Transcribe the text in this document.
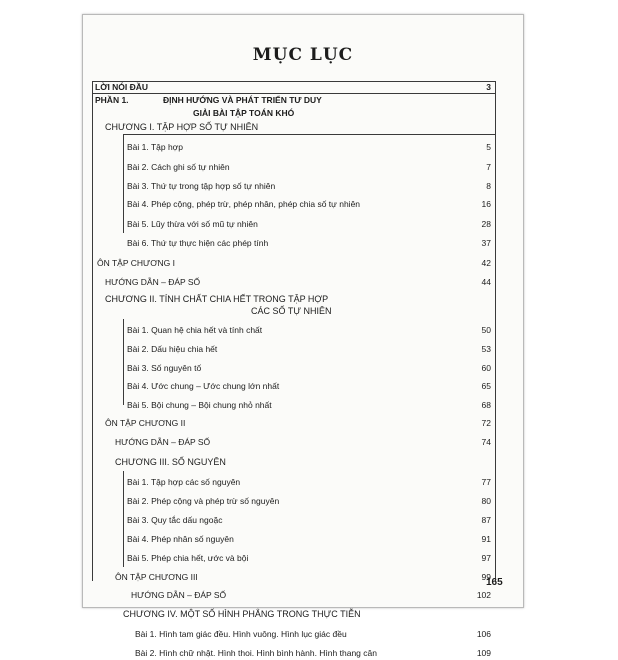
MỤC LỤC
LỜI NÓI ĐẦU	3
PHẦN 1.	ĐỊNH HƯỚNG VÀ PHÁT TRIỂN TƯ DUY
GIẢI BÀI TẬP TOÁN KHÓ
CHƯƠNG I. TẬP HỢP SỐ TỰ NHIÊN
Bài 1. Tập hợp	5
Bài 2. Cách ghi số tự nhiên	7
Bài 3. Thứ tự trong tập hợp số tự nhiên	8
Bài 4. Phép cộng, phép trừ, phép nhân, phép chia số tự nhiên	16
Bài 5. Lũy thừa với số mũ tự nhiên	28
Bài 6. Thứ tự thực hiện các phép tính	37
ÔN TẬP CHƯƠNG I	42
HƯỚNG DẪN – ĐÁP SỐ	44
CHƯƠNG II. TÍNH CHẤT CHIA HẾT TRONG TẬP HỢP
CÁC SỐ TỰ NHIÊN
Bài 1. Quan hệ chia hết và tính chất	50
Bài 2. Dấu hiệu chia hết	53
Bài 3. Số nguyên tố	60
Bài 4. Ước chung – Ước chung lớn nhất	65
Bài 5. Bội chung – Bội chung nhỏ nhất	68
ÔN TẬP CHƯƠNG II	72
HƯỚNG DẪN – ĐÁP SỐ	74
CHƯƠNG III. SỐ NGUYÊN
Bài 1. Tập hợp các số nguyên	77
Bài 2. Phép cộng và phép trừ số nguyên	80
Bài 3. Quy tắc dấu ngoặc	87
Bài 4. Phép nhân số nguyên	91
Bài 5. Phép chia hết, ước và bội	97
ÔN TẬP CHƯƠNG III	99
HƯỚNG DẪN – ĐÁP SỐ	102
CHƯƠNG IV. MỘT SỐ HÌNH PHẲNG TRONG THỰC TIỄN
Bài 1. Hình tam giác đều. Hình vuông. Hình lục giác đều	106
Bài 2. Hình chữ nhật. Hình thoi. Hình bình hành. Hình thang cân	109
165
